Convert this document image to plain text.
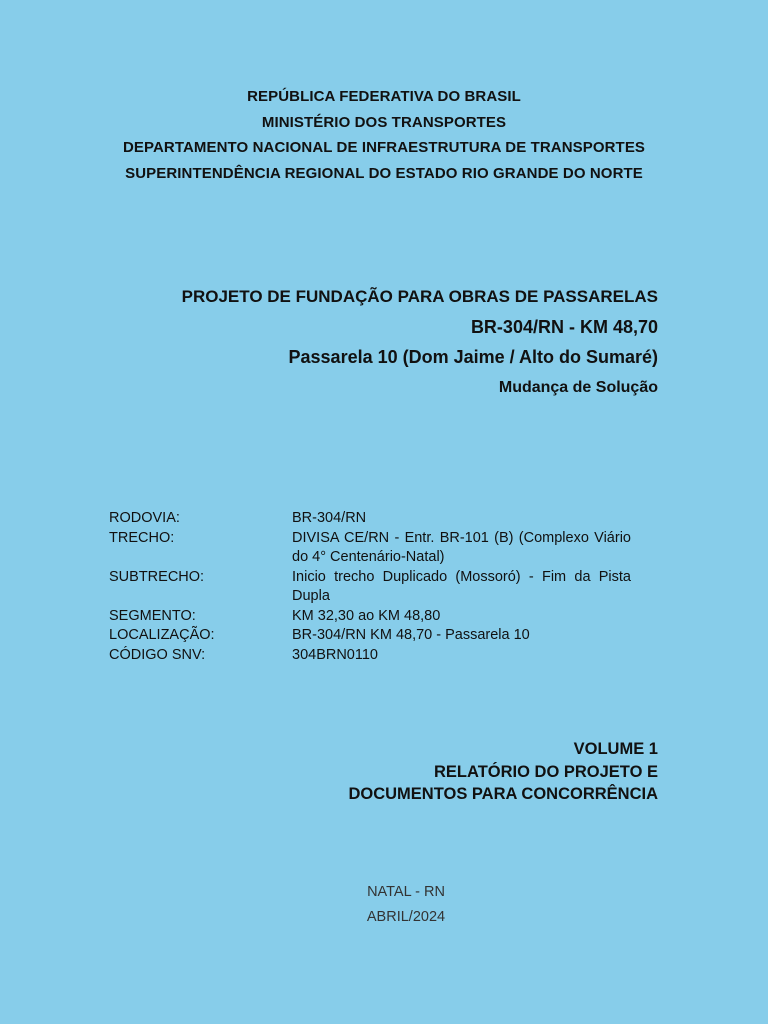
REPÚBLICA FEDERATIVA DO BRASIL
MINISTÉRIO DOS TRANSPORTES
DEPARTAMENTO NACIONAL DE INFRAESTRUTURA DE TRANSPORTES
SUPERINTENDÊNCIA REGIONAL DO ESTADO RIO GRANDE DO NORTE
PROJETO DE FUNDAÇÃO PARA OBRAS DE PASSARELAS
BR-304/RN - KM 48,70
Passarela 10 (Dom Jaime / Alto do Sumaré)
Mudança de Solução
RODOVIA:	BR-304/RN
TRECHO:	DIVISA CE/RN - Entr. BR-101 (B) (Complexo Viário do 4° Centenário-Natal)
SUBTRECHO:	Inicio trecho Duplicado (Mossoró) - Fim da Pista Dupla
SEGMENTO:	KM 32,30 ao KM 48,80
LOCALIZAÇÃO:	BR-304/RN KM 48,70 - Passarela 10
CÓDIGO SNV:	304BRN0110
VOLUME 1
RELATÓRIO DO PROJETO E
DOCUMENTOS PARA CONCORRÊNCIA
NATAL - RN
ABRIL/2024
